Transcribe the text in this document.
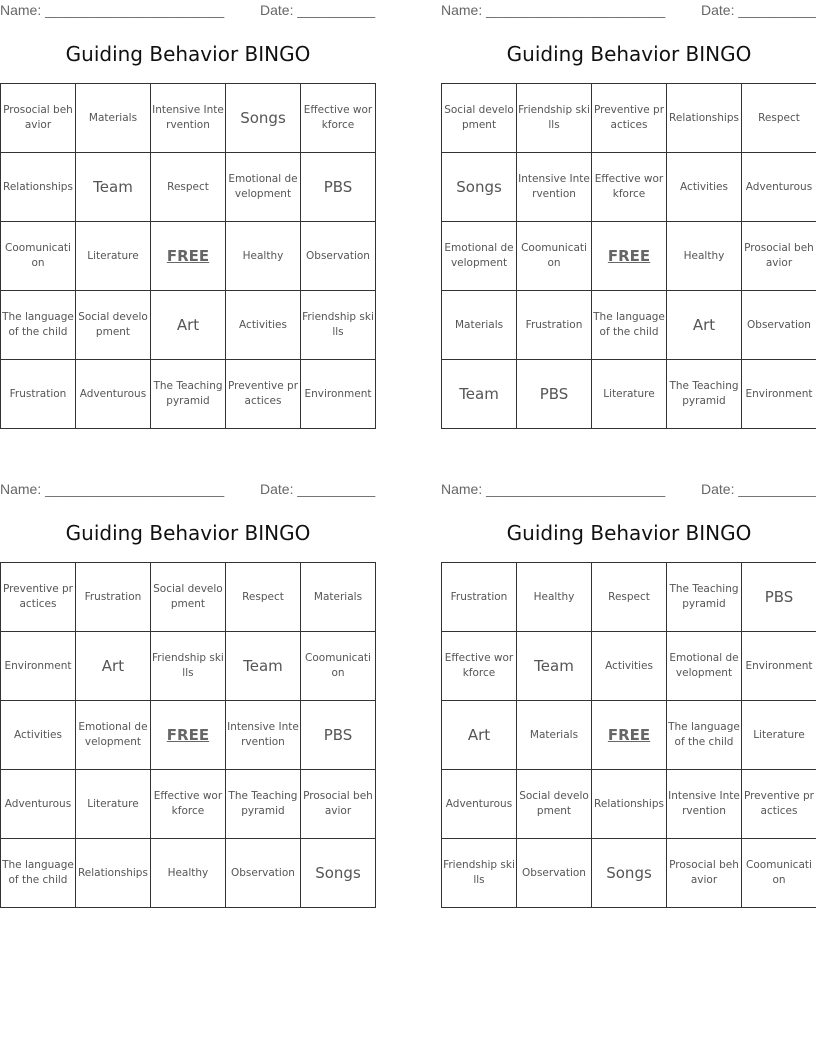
Name: _______________________	Date: __________
Guiding Behavior BINGO
Prosocial behavior	Materials	Intensive Intervention	Songs	Effective workforce
Relationships	Team	Respect	Emotional development	PBS
Coomunication	Literature	FREE	Healthy	Observation
The language of the child	Social development	Art	Activities	Friendship skills
Frustration	Adventurous	The Teaching pyramid	Preventive practices	Environment
Name: _______________________	Date: __________
Guiding Behavior BINGO
Social development	Friendship skills	Preventive practices	Relationships	Respect
Songs	Intensive Intervention	Effective workforce	Activities	Adventurous
Emotional development	Coomunication	FREE	Healthy	Prosocial behavior
Materials	Frustration	The language of the child	Art	Observation
Team	PBS	Literature	The Teaching pyramid	Environment
Name: _______________________	Date: __________
Guiding Behavior BINGO
Preventive practices	Frustration	Social development	Respect	Materials
Environment	Art	Friendship skills	Team	Coomunication
Activities	Emotional development	FREE	Intensive Intervention	PBS
Adventurous	Literature	Effective workforce	The Teaching pyramid	Prosocial behavior
The language of the child	Relationships	Healthy	Observation	Songs
Name: _______________________	Date: __________
Guiding Behavior BINGO
Frustration	Healthy	Respect	The Teaching pyramid	PBS
Effective workforce	Team	Activities	Emotional development	Environment
Art	Materials	FREE	The language of the child	Literature
Adventurous	Social development	Relationships	Intensive Intervention	Preventive practices
Friendship skills	Observation	Songs	Prosocial behavior	Coomunication
